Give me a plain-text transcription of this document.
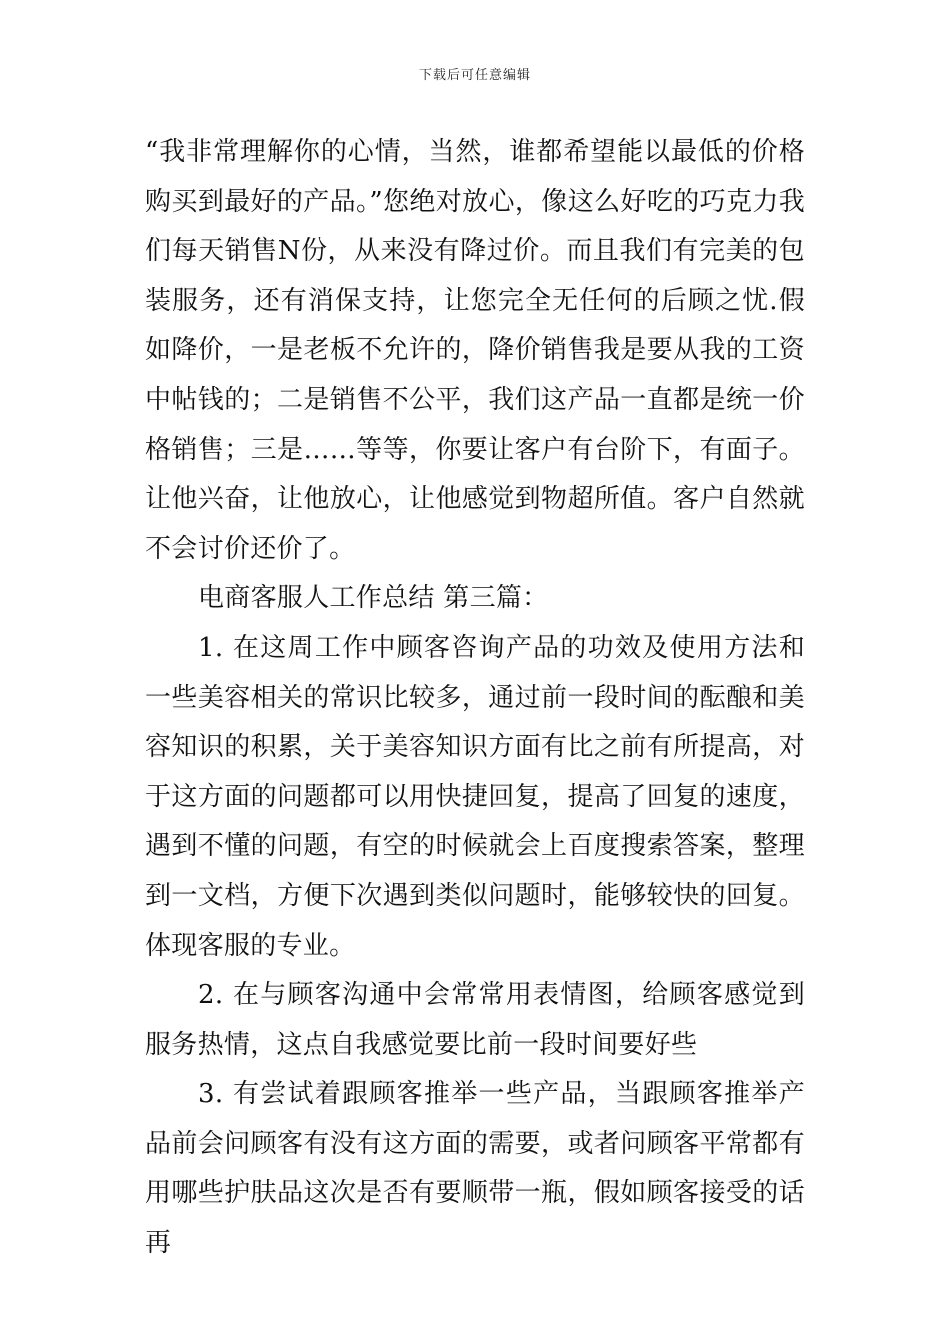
下载后可任意编辑

“我非常理解你的心情，当然，谁都希望能以最低的价格购买到最好的产品。”您绝对放心，像这么好吃的巧克力我们每天销售N份，从来没有降过价。而且我们有完美的包装服务，还有消保支持，让您完全无任何的后顾之忧.假如降价，一是老板不允许的，降价销售我是要从我的工资中帖钱的；二是销售不公平，我们这产品一直都是统一价格销售；三是……等等，你要让客户有台阶下，有面子。让他兴奋，让他放心，让他感觉到物超所值。客户自然就不会讨价还价了。

电商客服人工作总结 第三篇：

1. 在这周工作中顾客咨询产品的功效及使用方法和一些美容相关的常识比较多，通过前一段时间的酝酿和美容知识的积累，关于美容知识方面有比之前有所提高，对于这方面的问题都可以用快捷回复，提高了回复的速度，遇到不懂的问题，有空的时候就会上百度搜索答案，整理到一文档，方便下次遇到类似问题时，能够较快的回复。体现客服的专业。

2. 在与顾客沟通中会常常用表情图，给顾客感觉到服务热情，这点自我感觉要比前一段时间要好些

3. 有尝试着跟顾客推举一些产品，当跟顾客推举产品前会问顾客有没有这方面的需要，或者问顾客平常都有用哪些护肤品这次是否有要顺带一瓶，假如顾客接受的话再
